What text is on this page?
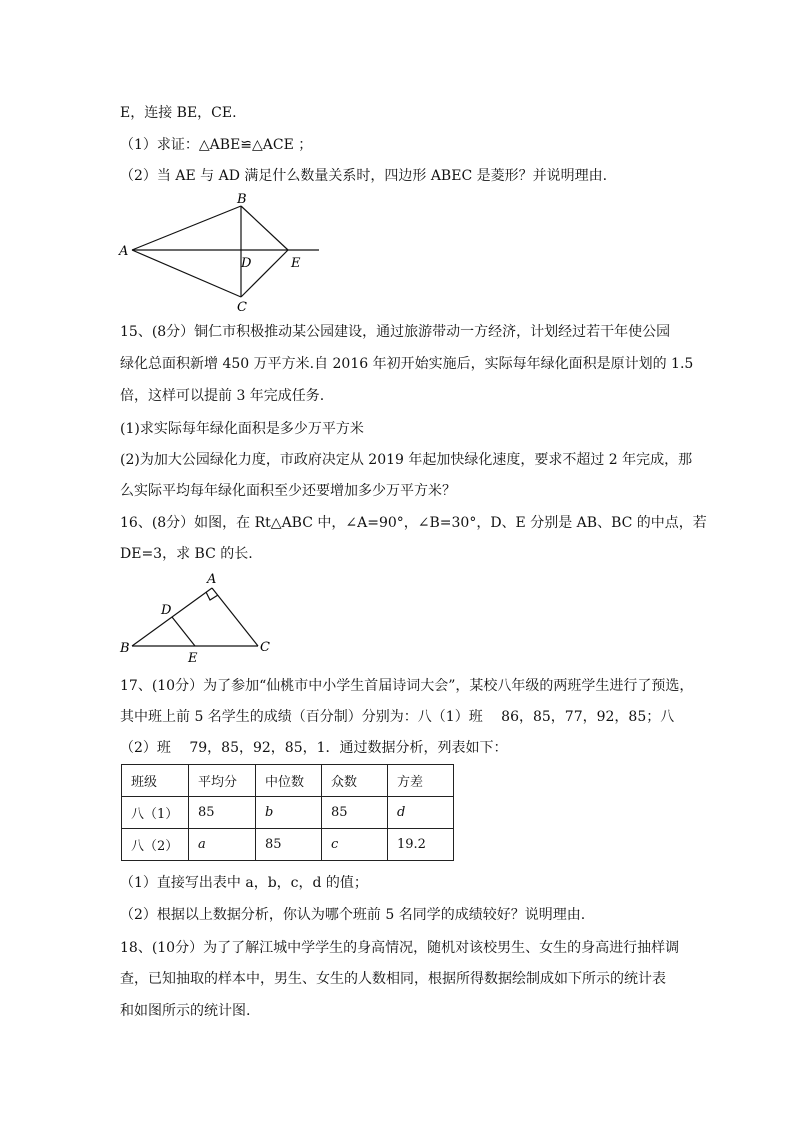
E，连接 BE，CE.
（1）求证：△ABE≌△ACE ；
（2）当 AE 与 AD 满足什么数量关系时，四边形 ABEC 是菱形？并说明理由.
A
B
C
D	E
15、(8分）铜仁市积极推动某公园建设，通过旅游带动一方经济，计划经过若干年使公园
绿化总面积新增 450 万平方米.自 2016 年初开始实施后，实际每年绿化面积是原计划的 1.5
倍，这样可以提前 3 年完成任务.
(1)求实际每年绿化面积是多少万平方米
(2)为加大公园绿化力度，市政府决定从 2019 年起加快绿化速度，要求不超过 2 年完成，那
么实际平均每年绿化面积至少还要增加多少万平方米？
16、(8分）如图，在 Rt△ABC 中，∠A=90°，∠B=30°，D、E 分别是 AB、BC 的中点，若
DE=3，求 BC 的长.
A
B	C
D
E
17、(10分）为了参加“仙桃市中小学生首届诗词大会”，某校八年级的两班学生进行了预选，
其中班上前 5 名学生的成绩（百分制）分别为：八（1）班　 86，85，77，92，85；八
（2）班　 79，85，92，85，1．通过数据分析，列表如下：
班级	平均分	中位数	众数	方差
八（1）	85	b	85	d
八（2）	a	85	c	19.2
（1）直接写出表中 a，b，c，d 的值；
（2）根据以上数据分析，你认为哪个班前 5 名同学的成绩较好？说明理由.
18、(10分）为了了解江城中学学生的身高情况，随机对该校男生、女生的身高进行抽样调
查，已知抽取的样本中，男生、女生的人数相同，根据所得数据绘制成如下所示的统计表
和如图所示的统计图.
